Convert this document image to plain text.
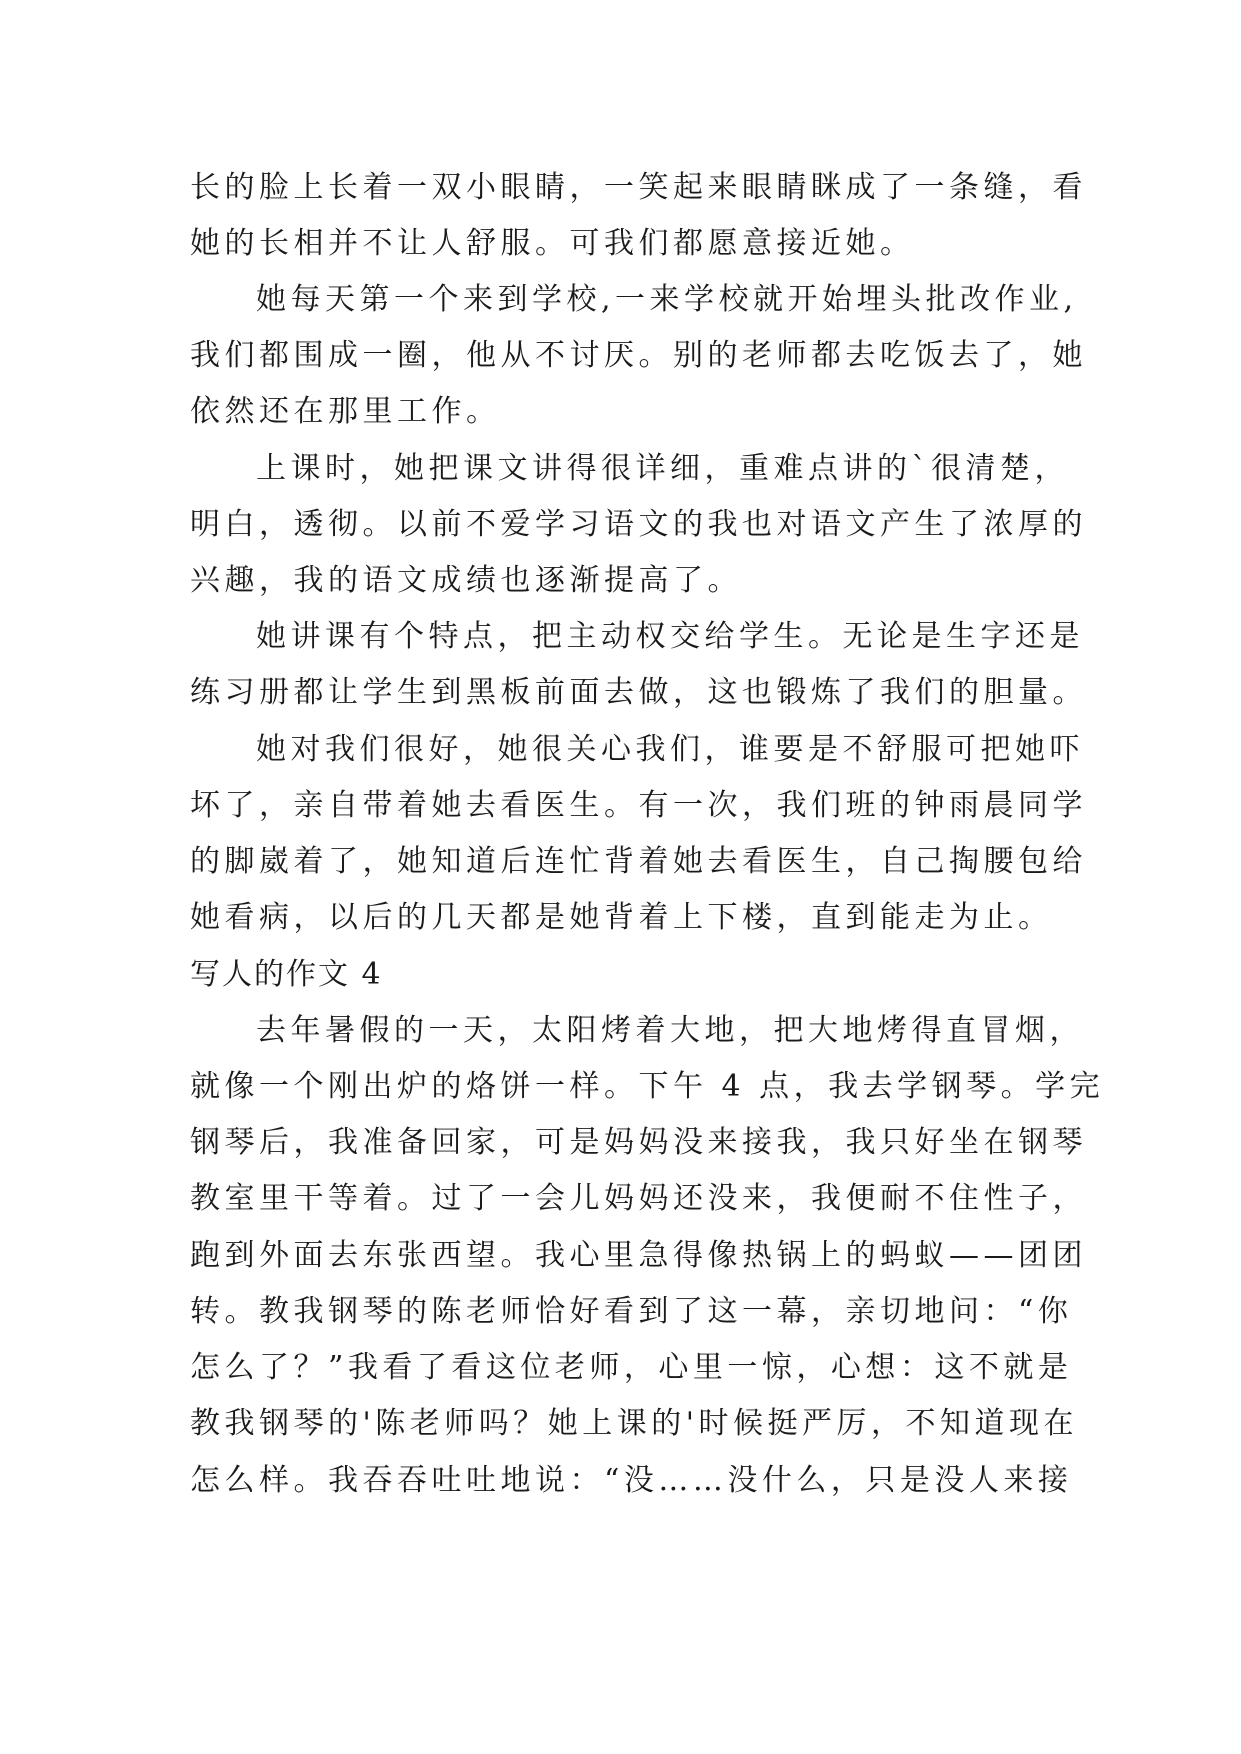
长的脸上长着一双小眼睛，一笑起来眼睛眯成了一条缝，看
她的长相并不让人舒服。可我们都愿意接近她。
她每天第一个来到学校,一来学校就开始埋头批改作业,
我们都围成一圈，他从不讨厌。别的老师都去吃饭去了，她
依然还在那里工作。
上课时，她把课文讲得很详细，重难点讲的`很清楚，
明白，透彻。以前不爱学习语文的我也对语文产生了浓厚的
兴趣，我的语文成绩也逐渐提高了。
她讲课有个特点，把主动权交给学生。无论是生字还是
练习册都让学生到黑板前面去做，这也锻炼了我们的胆量。
她对我们很好，她很关心我们，谁要是不舒服可把她吓
坏了，亲自带着她去看医生。有一次，我们班的钟雨晨同学
的脚崴着了，她知道后连忙背着她去看医生，自己掏腰包给
她看病，以后的几天都是她背着上下楼，直到能走为止。
写人的作文 4
去年暑假的一天，太阳烤着大地，把大地烤得直冒烟，
就像一个刚出炉的烙饼一样。下午 4 点，我去学钢琴。学完
钢琴后，我准备回家，可是妈妈没来接我，我只好坐在钢琴
教室里干等着。过了一会儿妈妈还没来，我便耐不住性子，
跑到外面去东张西望。我心里急得像热锅上的蚂蚁——团团
转。教我钢琴的陈老师恰好看到了这一幕，亲切地问：“你
怎么了？”我看了看这位老师，心里一惊，心想：这不就是
教我钢琴的'陈老师吗？她上课的'时候挺严厉，不知道现在
怎么样。我吞吞吐吐地说：“没……没什么，只是没人来接
